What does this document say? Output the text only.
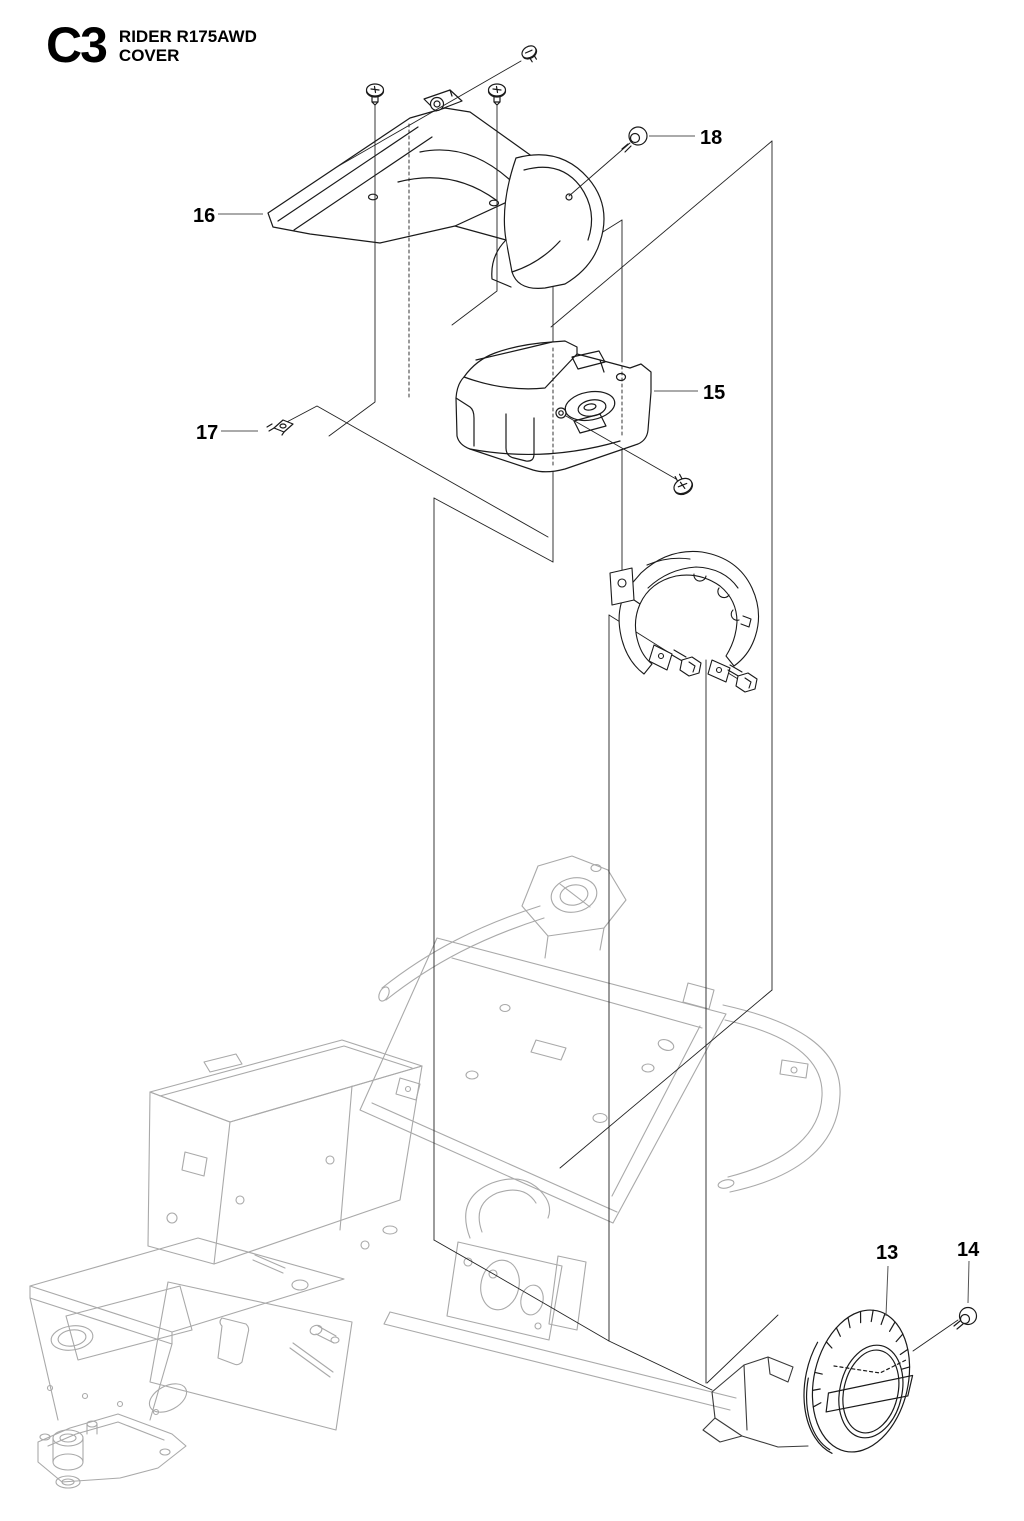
C3 RIDER R175AWD
COVER
16
17
18
15
13	14
